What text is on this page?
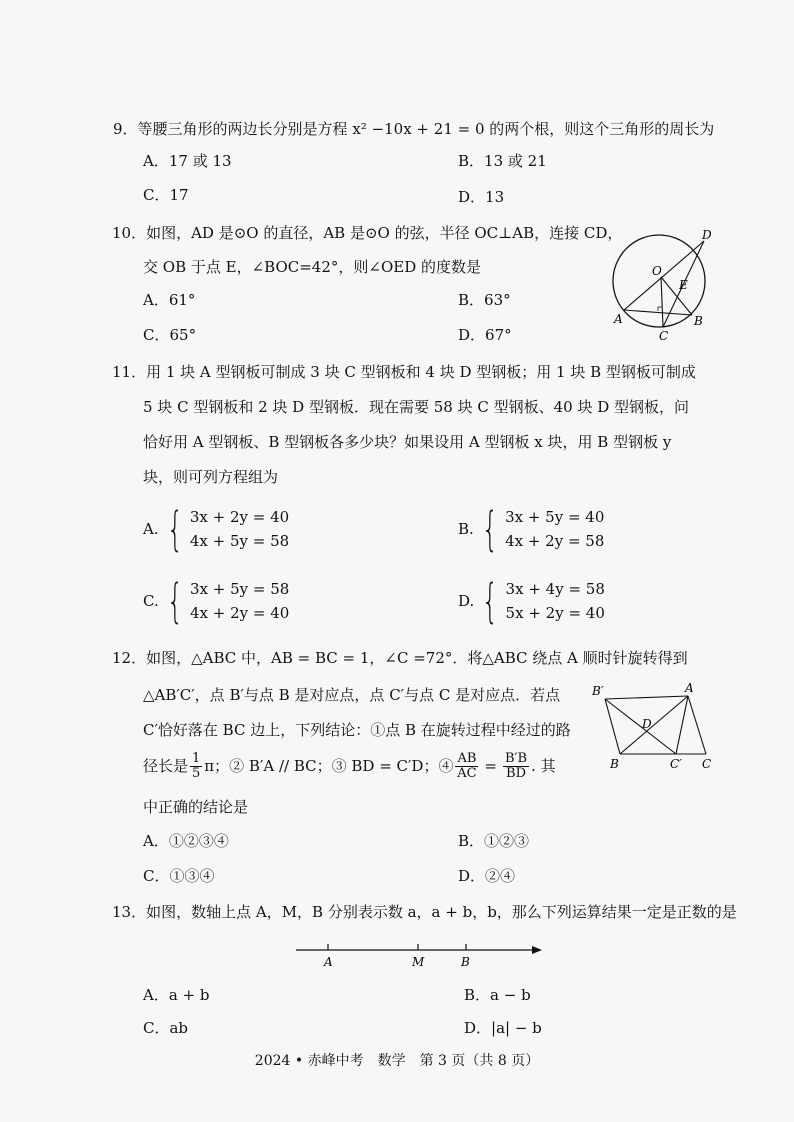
9．等腰三角形的两边长分别是方程 x² −10x + 21 = 0 的两个根，则这个三角形的周长为
A．17 或 13	B．13 或 21
C．17	D．13
10．如图，AD 是⊙O 的直径，AB 是⊙O 的弦，半径 OC⊥AB，连接 CD，
交 OB 于点 E，∠BOC=42°，则∠OED 的度数是
A．61°	B．63°
C．65°	D．67°
D
O
E
A
C
B
11．用 1 块 A 型钢板可制成 3 块 C 型钢板和 4 块 D 型钢板；用 1 块 B 型钢板可制成
5 块 C 型钢板和 2 块 D 型钢板．现在需要 58 块 C 型钢板、40 块 D 型钢板，问
恰好用 A 型钢板、B 型钢板各多少块？如果设用 A 型钢板 x 块，用 B 型钢板 y
块，则可列方程组为
A. { 3x + 2y = 40
4x + 5y = 58
B. { 3x + 5y = 40
4x + 2y = 58
C. { 3x + 5y = 58
4x + 2y = 40
D. { 3x + 4y = 58
5x + 2y = 40
12．如图，△ABC 中，AB = BC = 1，∠C =72°．将△ABC 绕点 A 顺时针旋转得到
△AB′C′，点 B′与点 B 是对应点，点 C′与点 C 是对应点．若点
C′恰好落在 BC 边上，下列结论：①点 B 在旋转过程中经过的路
径长是 $\frac{1}{5}$ π；② B′A // BC；③ BD = C′D；④ $\frac{AB}{AC} = \frac{B'B}{BD}$ . 其
中正确的结论是
A．①②③④	B．①②③
C．①③④	D．②④
B′	A
D
B	C′ C
13．如图，数轴上点 A，M，B 分别表示数 a，a + b，b，那么下列运算结果一定是正数的是
A	M	B
A．a + b	B．a − b
C．ab	D．|a| − b
2024 • 赤峰中考　数学　第 3 页（共 8 页）
